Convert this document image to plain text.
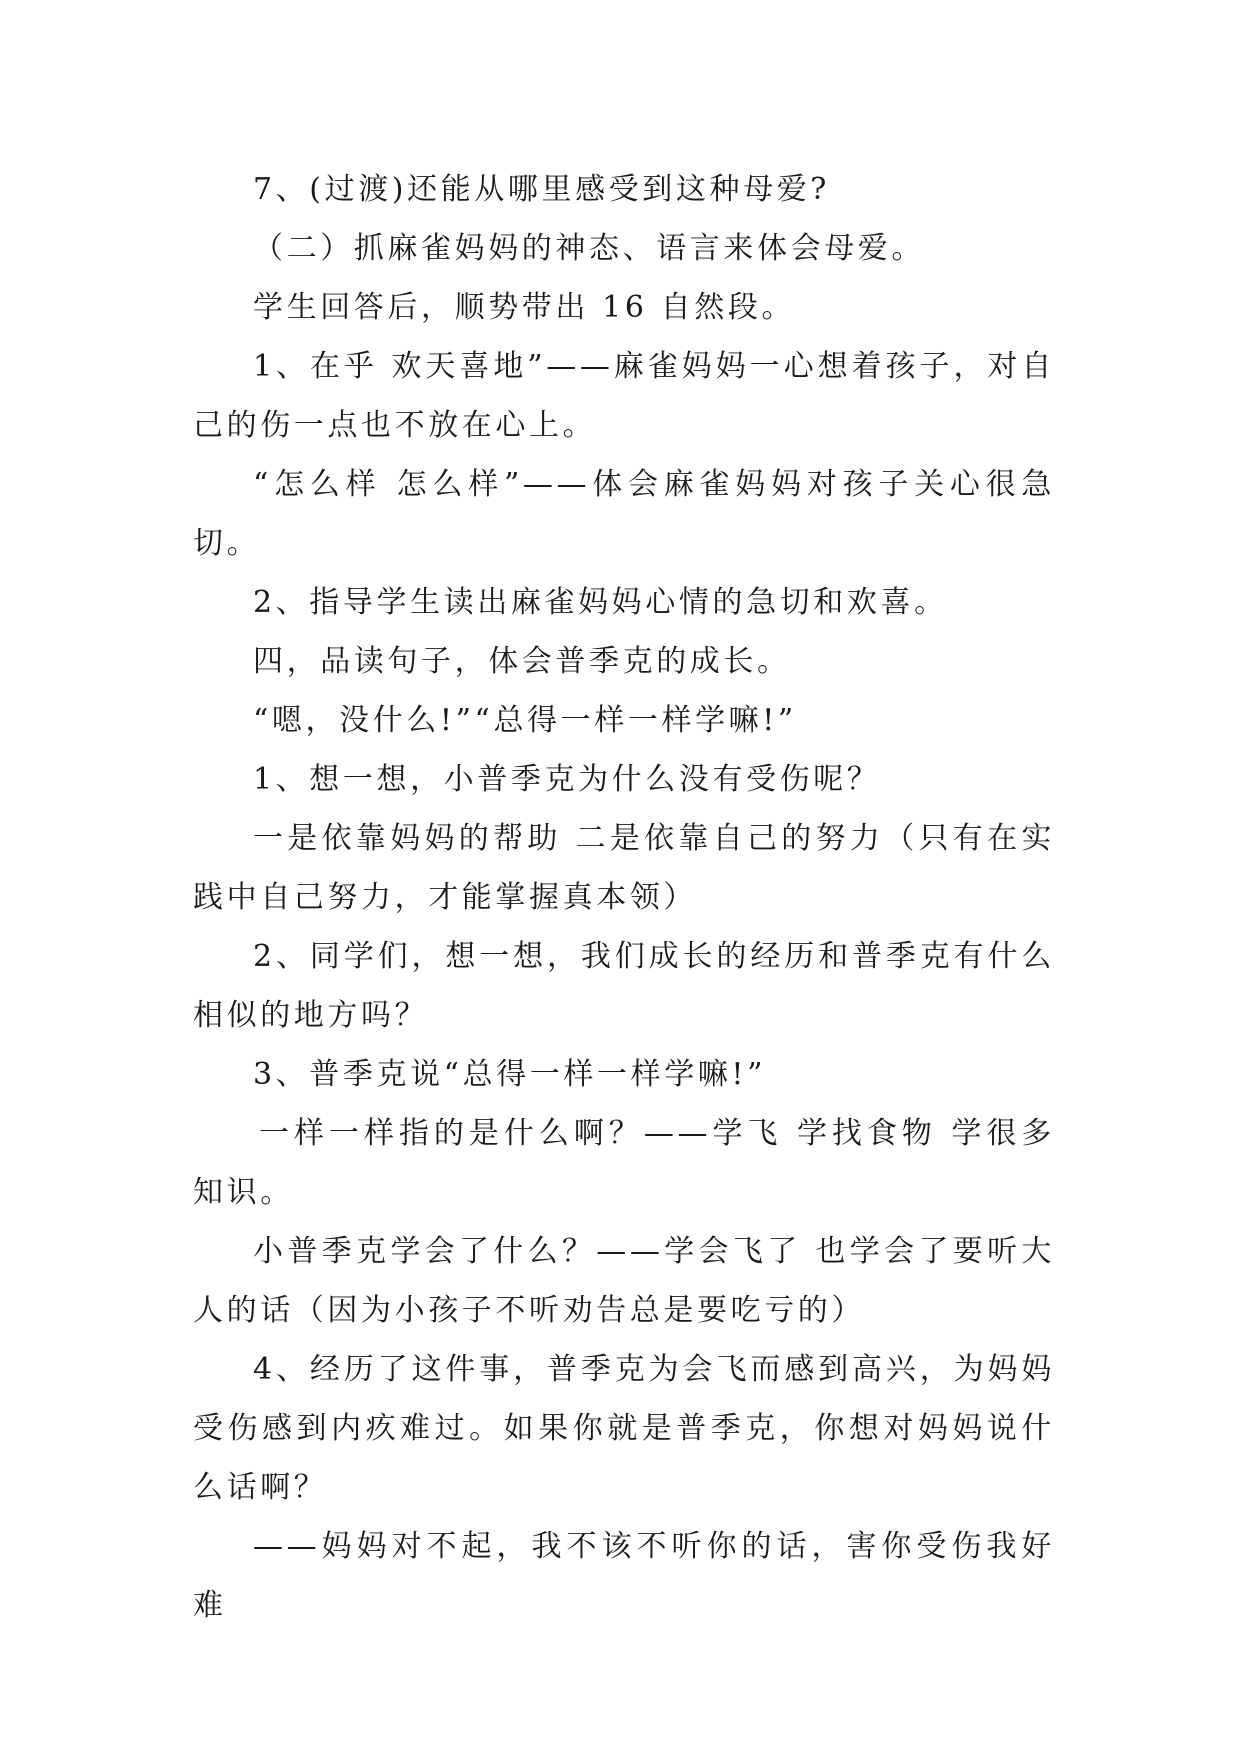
7、(过渡)还能从哪里感受到这种母爱?

（二）抓麻雀妈妈的神态、语言来体会母爱。

学生回答后，顺势带出 16 自然段。

1、在乎 欢天喜地”——麻雀妈妈一心想着孩子，对自己的伤一点也不放在心上。

“怎么样 怎么样”——体会麻雀妈妈对孩子关心很急切。

2、指导学生读出麻雀妈妈心情的急切和欢喜。

四，品读句子，体会普季克的成长。

“嗯，没什么!”“总得一样一样学嘛!”

1、想一想，小普季克为什么没有受伤呢？

一是依靠妈妈的帮助 二是依靠自己的努力（只有在实践中自己努力，才能掌握真本领）

2、同学们，想一想，我们成长的经历和普季克有什么相似的地方吗？

3、普季克说“总得一样一样学嘛!”

一样一样指的是什么啊？——学飞 学找食物 学很多知识。

小普季克学会了什么？——学会飞了 也学会了要听大人的话（因为小孩子不听劝告总是要吃亏的）

4、经历了这件事，普季克为会飞而感到高兴，为妈妈受伤感到内疚难过。如果你就是普季克，你想对妈妈说什么话啊？

——妈妈对不起，我不该不听你的话，害你受伤我好难
